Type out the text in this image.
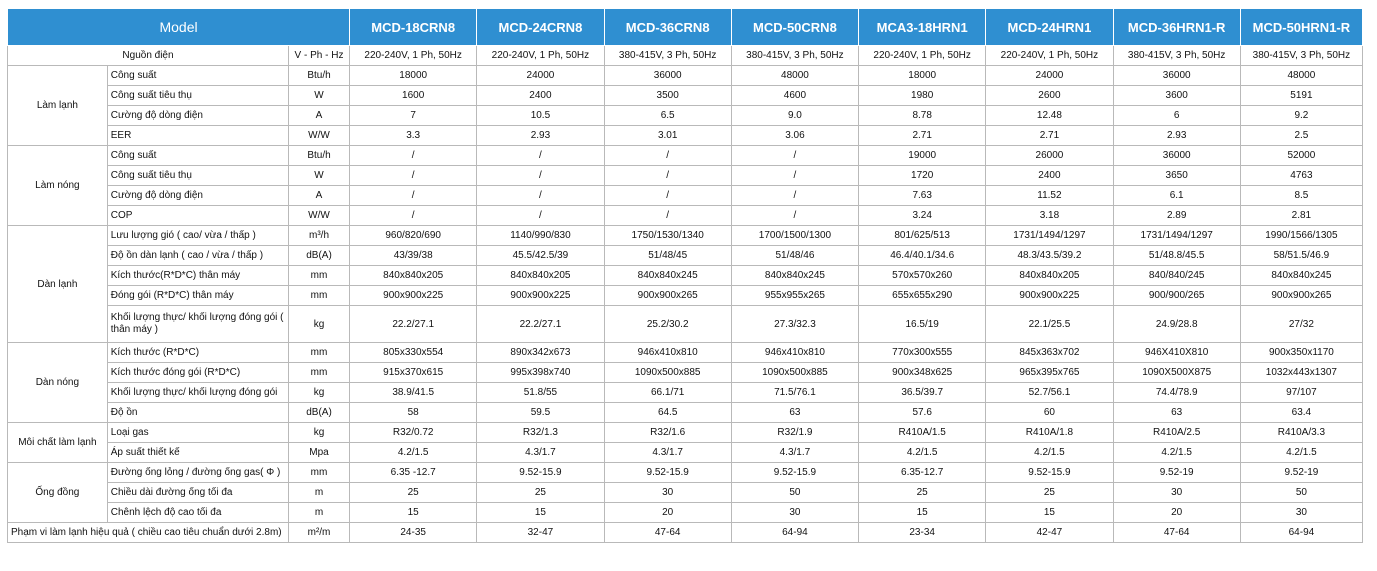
Model			MCD-18CRN8	MCD-24CRN8	MCD-36CRN8	MCD-50CRN8	MCA3-18HRN1	MCD-24HRN1	MCD-36HRN1-R	MCD-50HRN1-R
Nguồn điện		V - Ph - Hz	220-240V, 1 Ph, 50Hz	220-240V, 1 Ph, 50Hz	380-415V, 3 Ph, 50Hz	380-415V, 3 Ph, 50Hz	220-240V, 1 Ph, 50Hz	220-240V, 1 Ph, 50Hz	380-415V, 3 Ph, 50Hz	380-415V, 3 Ph, 50Hz
Làm lạnh	Công suất	Btu/h	18000	24000	36000	48000	18000	24000	36000	48000
	Công suất tiêu thụ	W	1600	2400	3500	4600	1980	2600	3600	5191
	Cường độ dòng điện	A	7	10.5	6.5	9.0	8.78	12.48	6	9.2
	EER	W/W	3.3	2.93	3.01	3.06	2.71	2.71	2.93	2.5
Làm nóng	Công suất	Btu/h	/	/	/	/	19000	26000	36000	52000
	Công suất tiêu thụ	W	/	/	/	/	1720	2400	3650	4763
	Cường độ dòng điện	A	/	/	/	/	7.63	11.52	6.1	8.5
	COP	W/W	/	/	/	/	3.24	3.18	2.89	2.81
Dàn lạnh	Lưu lượng gió ( cao/ vừa / thấp )	m³/h	960/820/690	1140/990/830	1750/1530/1340	1700/1500/1300	801/625/513	1731/1494/1297	1731/1494/1297	1990/1566/1305
	Độ ồn dàn lạnh ( cao / vừa / thấp )	dB(A)	43/39/38	45.5/42.5/39	51/48/45	51/48/46	46.4/40.1/34.6	48.3/43.5/39.2	51/48.8/45.5	58/51.5/46.9
	Kích thước(R*D*C) thân máy	mm	840x840x205	840x840x205	840x840x245	840x840x245	570x570x260	840x840x205	840/840/245	840x840x245
	Đóng gói (R*D*C) thân máy	mm	900x900x225	900x900x225	900x900x265	955x955x265	655x655x290	900x900x225	900/900/265	900x900x265
	Khối lượng thực/ khối lượng đóng gói ( thân máy )	kg	22.2/27.1	22.2/27.1	25.2/30.2	27.3/32.3	16.5/19	22.1/25.5	24.9/28.8	27/32
Dàn nóng	Kích thước (R*D*C)	mm	805x330x554	890x342x673	946x410x810	946x410x810	770x300x555	845x363x702	946X410X810	900x350x1170
	Kích thước đóng gói (R*D*C)	mm	915x370x615	995x398x740	1090x500x885	1090x500x885	900x348x625	965x395x765	1090X500X875	1032x443x1307
	Khối lượng thực/ khối lượng đóng gói	kg	38.9/41.5	51.8/55	66.1/71	71.5/76.1	36.5/39.7	52.7/56.1	74.4/78.9	97/107
	Độ ồn	dB(A)	58	59.5	64.5	63	57.6	60	63	63.4
Môi chất làm lạnh	Loại gas	kg	R32/0.72	R32/1.3	R32/1.6	R32/1.9	R410A/1.5	R410A/1.8	R410A/2.5	R410A/3.3
	Áp suất thiết kế	Mpa	4.2/1.5	4.3/1.7	4.3/1.7	4.3/1.7	4.2/1.5	4.2/1.5	4.2/1.5	4.2/1.5
Ống đồng	Đường ống lỏng / đường ống gas( Φ )	mm	6.35 -12.7	9.52-15.9	9.52-15.9	9.52-15.9	6.35-12.7	9.52-15.9	9.52-19	9.52-19
	Chiều dài đường ống tối đa	m	25	25	30	50	25	25	30	50
	Chênh lệch độ cao tối đa	m	15	15	20	30	15	15	20	30
Phạm vi làm lạnh hiệu quả ( chiều cao tiêu chuẩn dưới 2.8m)		m²/m	24-35	32-47	47-64	64-94	23-34	42-47	47-64	64-94
